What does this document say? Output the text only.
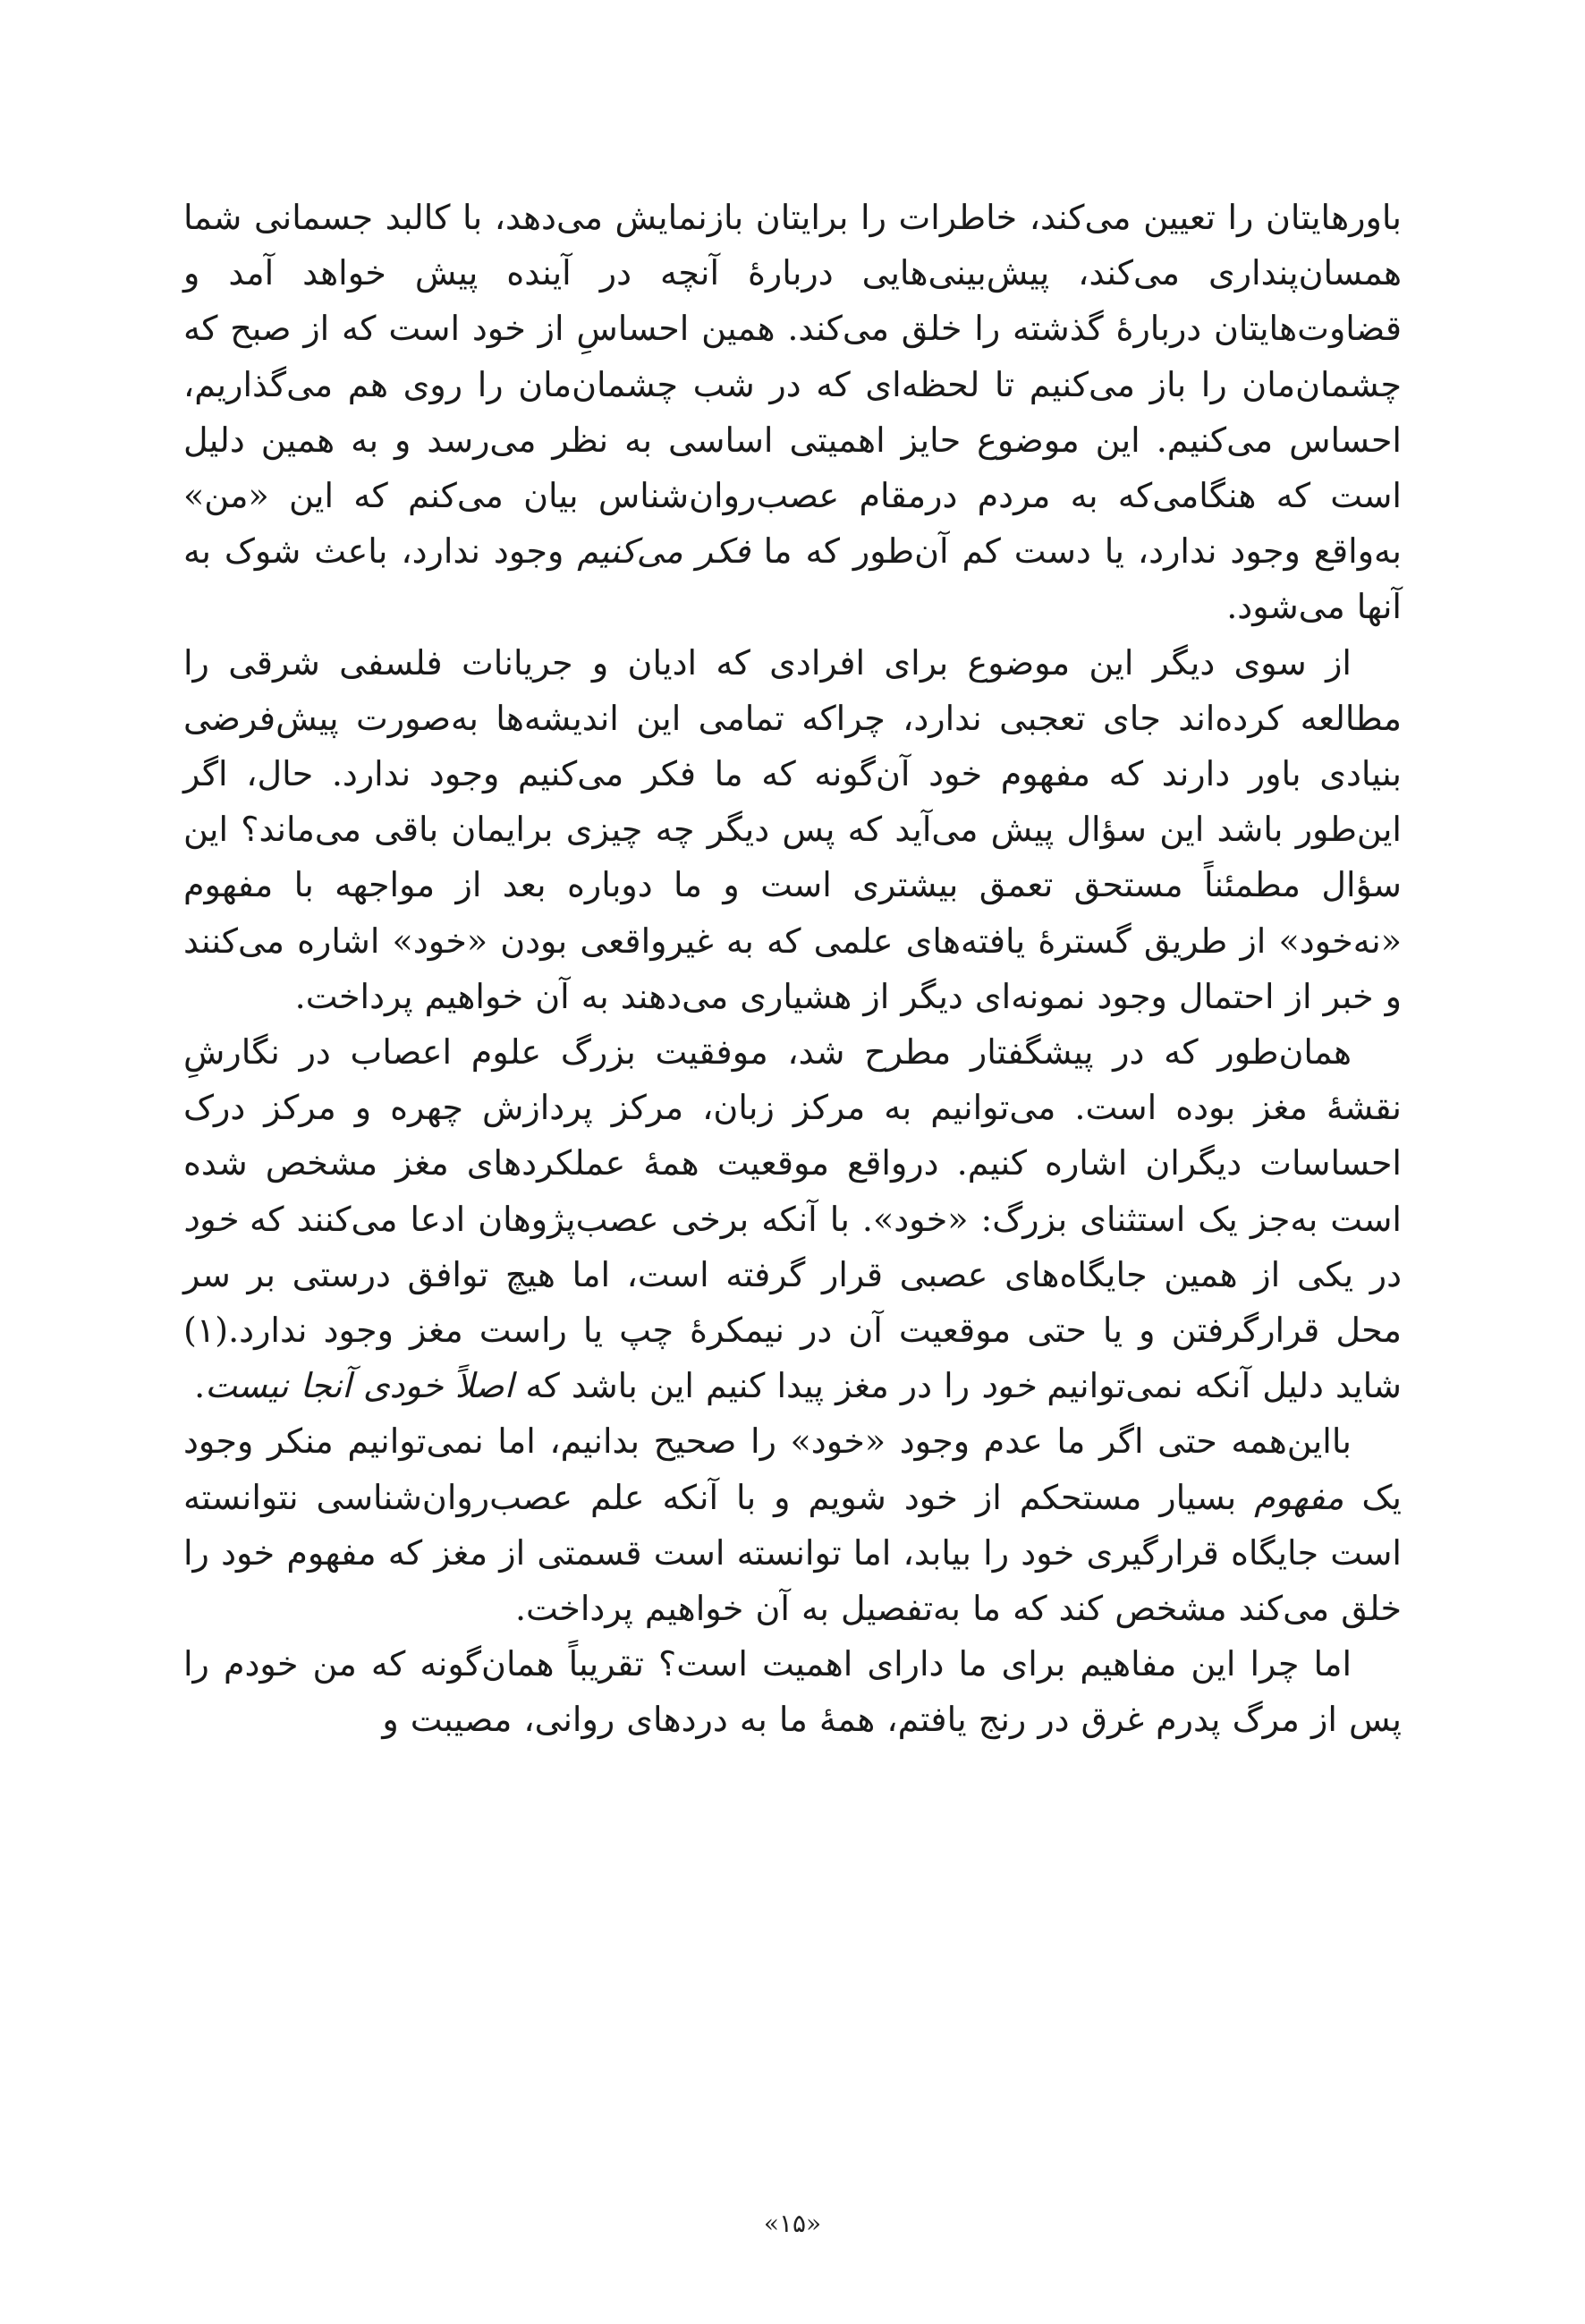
باورهایتان را تعیین می‌کند، خاطرات را برایتان بازنمایش می‌دهد، با کالبد جسمانی شما همسان‌پنداری می‌کند، پیش‌بینی‌هایی دربارهٔ آنچه در آینده پیش خواهد آمد و قضاوت‌هایتان دربارهٔ گذشته را خلق می‌کند. همین احساسِ از خود است که از صبح که چشمان‌مان را باز می‌کنیم تا لحظه‌ای که در شب چشمان‌مان را روی هم می‌گذاریم، احساس می‌کنیم. این موضوع حایز اهمیتی اساسی به نظر می‌رسد و به همین دلیل است که هنگامی‌که به مردم درمقام عصب‌روان‌شناس بیان می‌کنم که این «من» به‌واقع وجود ندارد، یا دست کم آن‌طور که ما فکر می‌کنیم وجود ندارد، باعث شوک به آنها می‌شود.

از سوی دیگر این موضوع برای افرادی که ادیان و جریانات فلسفی شرقی را مطالعه کرده‌اند جای تعجبی ندارد، چراکه تمامی این اندیشه‌ها به‌صورت پیش‌فرضی بنیادی باور دارند که مفهوم خود آن‌گونه که ما فکر می‌کنیم وجود ندارد. حال، اگر این‌طور باشد این سؤال پیش می‌آید که پس دیگر چه چیزی برایمان باقی می‌ماند؟ این سؤال مطمئناً مستحق تعمق بیشتری است و ما دوباره بعد از مواجهه با مفهوم «نه‌خود» از طریق گسترهٔ یافته‌های علمی که به غیرواقعی بودن «خود» اشاره می‌کنند و خبر از احتمال وجود نمونه‌ای دیگر از هشیاری می‌دهند به آن خواهیم پرداخت.

همان‌طور که در پیشگفتار مطرح شد، موفقیت بزرگ علوم اعصاب در نگارشِ نقشهٔ مغز بوده است. می‌توانیم به مرکز زبان، مرکز پردازش چهره و مرکز درک احساسات دیگران اشاره کنیم. درواقع موقعیت همهٔ عملکردهای مغز مشخص شده است به‌جز یک استثنای بزرگ: «خود». با آنکه برخی عصب‌پژوهان ادعا می‌کنند که خود در یکی از همین جایگاه‌های عصبی قرار گرفته است، اما هیچ توافق درستی بر سر محل قرارگرفتن و یا حتی موقعیت آن در نیمکرهٔ چپ یا راست مغز وجود ندارد.(۱) شاید دلیل آنکه نمی‌توانیم خود را در مغز پیدا کنیم این باشد که اصلاً خودی آنجا نیست.

بااین‌همه حتی اگر ما عدم وجود «خود» را صحیح بدانیم، اما نمی‌توانیم منکر وجود یک مفهوم بسیار مستحکم از خود شویم و با آنکه علم عصب‌روان‌شناسی نتوانسته است جایگاه قرارگیری خود را بیابد، اما توانسته است قسمتی از مغز که مفهوم خود را خلق می‌کند مشخص کند که ما به‌تفصیل به آن خواهیم پرداخت.

اما چرا این مفاهیم برای ما دارای اهمیت است؟ تقریباً همان‌گونه که من خودم را پس از مرگ پدرم غرق در رنج یافتم، همهٔ ما به دردهای روانی، مصیبت و

«۱۵»
